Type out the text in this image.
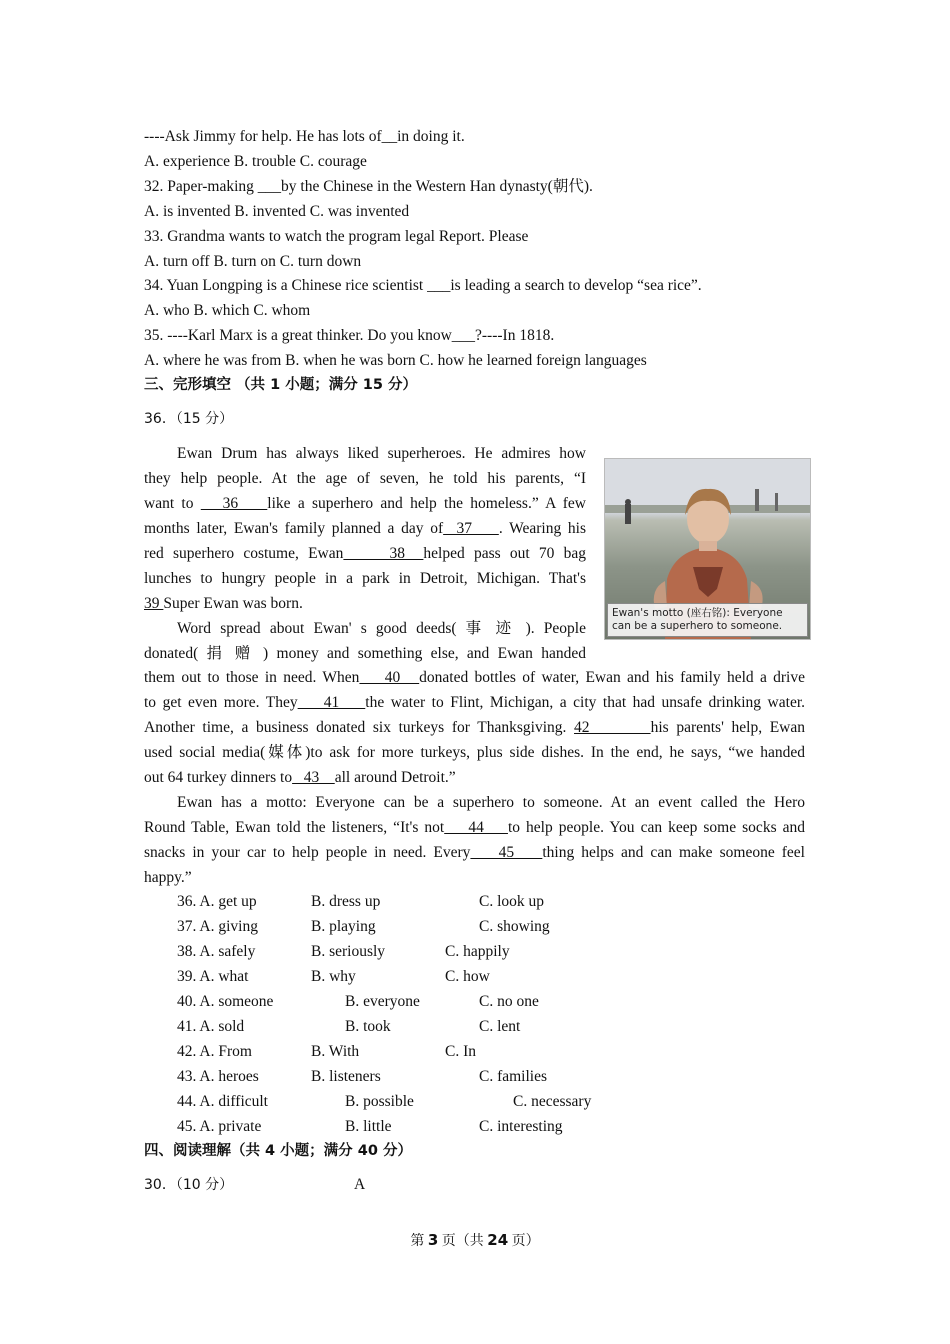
----Ask Jimmy for help. He has lots of__in doing it.
A. experience B. trouble C. courage
32. Paper-making ___by the Chinese in the Western Han dynasty(朝代).
A. is invented B. invented C. was invented
33. Grandma wants to watch the program legal Report. Please
A. turn off B. turn on C. turn down
34. Yuan Longping is a Chinese rice scientist ___is leading a search to develop “sea rice”.
A. who B. which C. whom
35. ----Karl Marx is a great thinker. Do you know___?----In 1818.
A. where he was from B. when he was born C. how he learned foreign languages
三、完形填空 （共 1 小题；满分 15 分）
36．（15 分）
Ewan Drum has always liked superheroes. He admires how
they help people. At the age of seven, he told his parents, “I
want to    36    like a superhero and help the homeless.” A few
months later, Ewan's family planned a day of  37    . Wearing his
red superhero costume, Ewan     38  helped pass out 70 bag
lunches to hungry people in a park in Detroit, Michigan. That's
39 Super Ewan was born.
Word spread about Ewan' s good deeds( 事 迹 ). People
donated( 捐 赠 ) money and something else, and Ewan handed
them out to those in need. When    40   donated bottles of water, Ewan and his family held a drive
to get even more. They    41    the water to Flint, Michigan, a city that had unsafe drinking water.
Another time, a business donated six turkeys for Thanksgiving. 42        his parents' help, Ewan
used social media(媒体)to ask for more turkeys, plus side dishes. In the end, he says, “we handed
out 64 turkey dinners to   43    all around Detroit.”
Ewan has a motto: Everyone can be a superhero to someone. At an event called the Hero
Round Table, Ewan told the listeners, “It's not    44    to help people. You can keep some socks and
snacks in your car to help people in need. Every    45    thing helps and can make someone feel
happy.”
Ewan's motto (座右铭): Everyone can be a superhero to someone.
36. A. get up	B. dress up	C. look up
37. A. giving	B. playing	C. showing
38. A. safely	B. seriously	C. happily
39. A. what	B. why	C. how
40. A. someone	B. everyone	C. no one
41. A. sold	B. took	C. lent
42. A. From	B. With	C. In
43. A. heroes	B. listeners	C. families
44. A. difficult	B. possible	C. necessary
45. A. private	B. little	C. interesting
四、阅读理解（共 4 小题；满分 40 分）
30．（10 分）	A
第 3 页（共 24 页）
